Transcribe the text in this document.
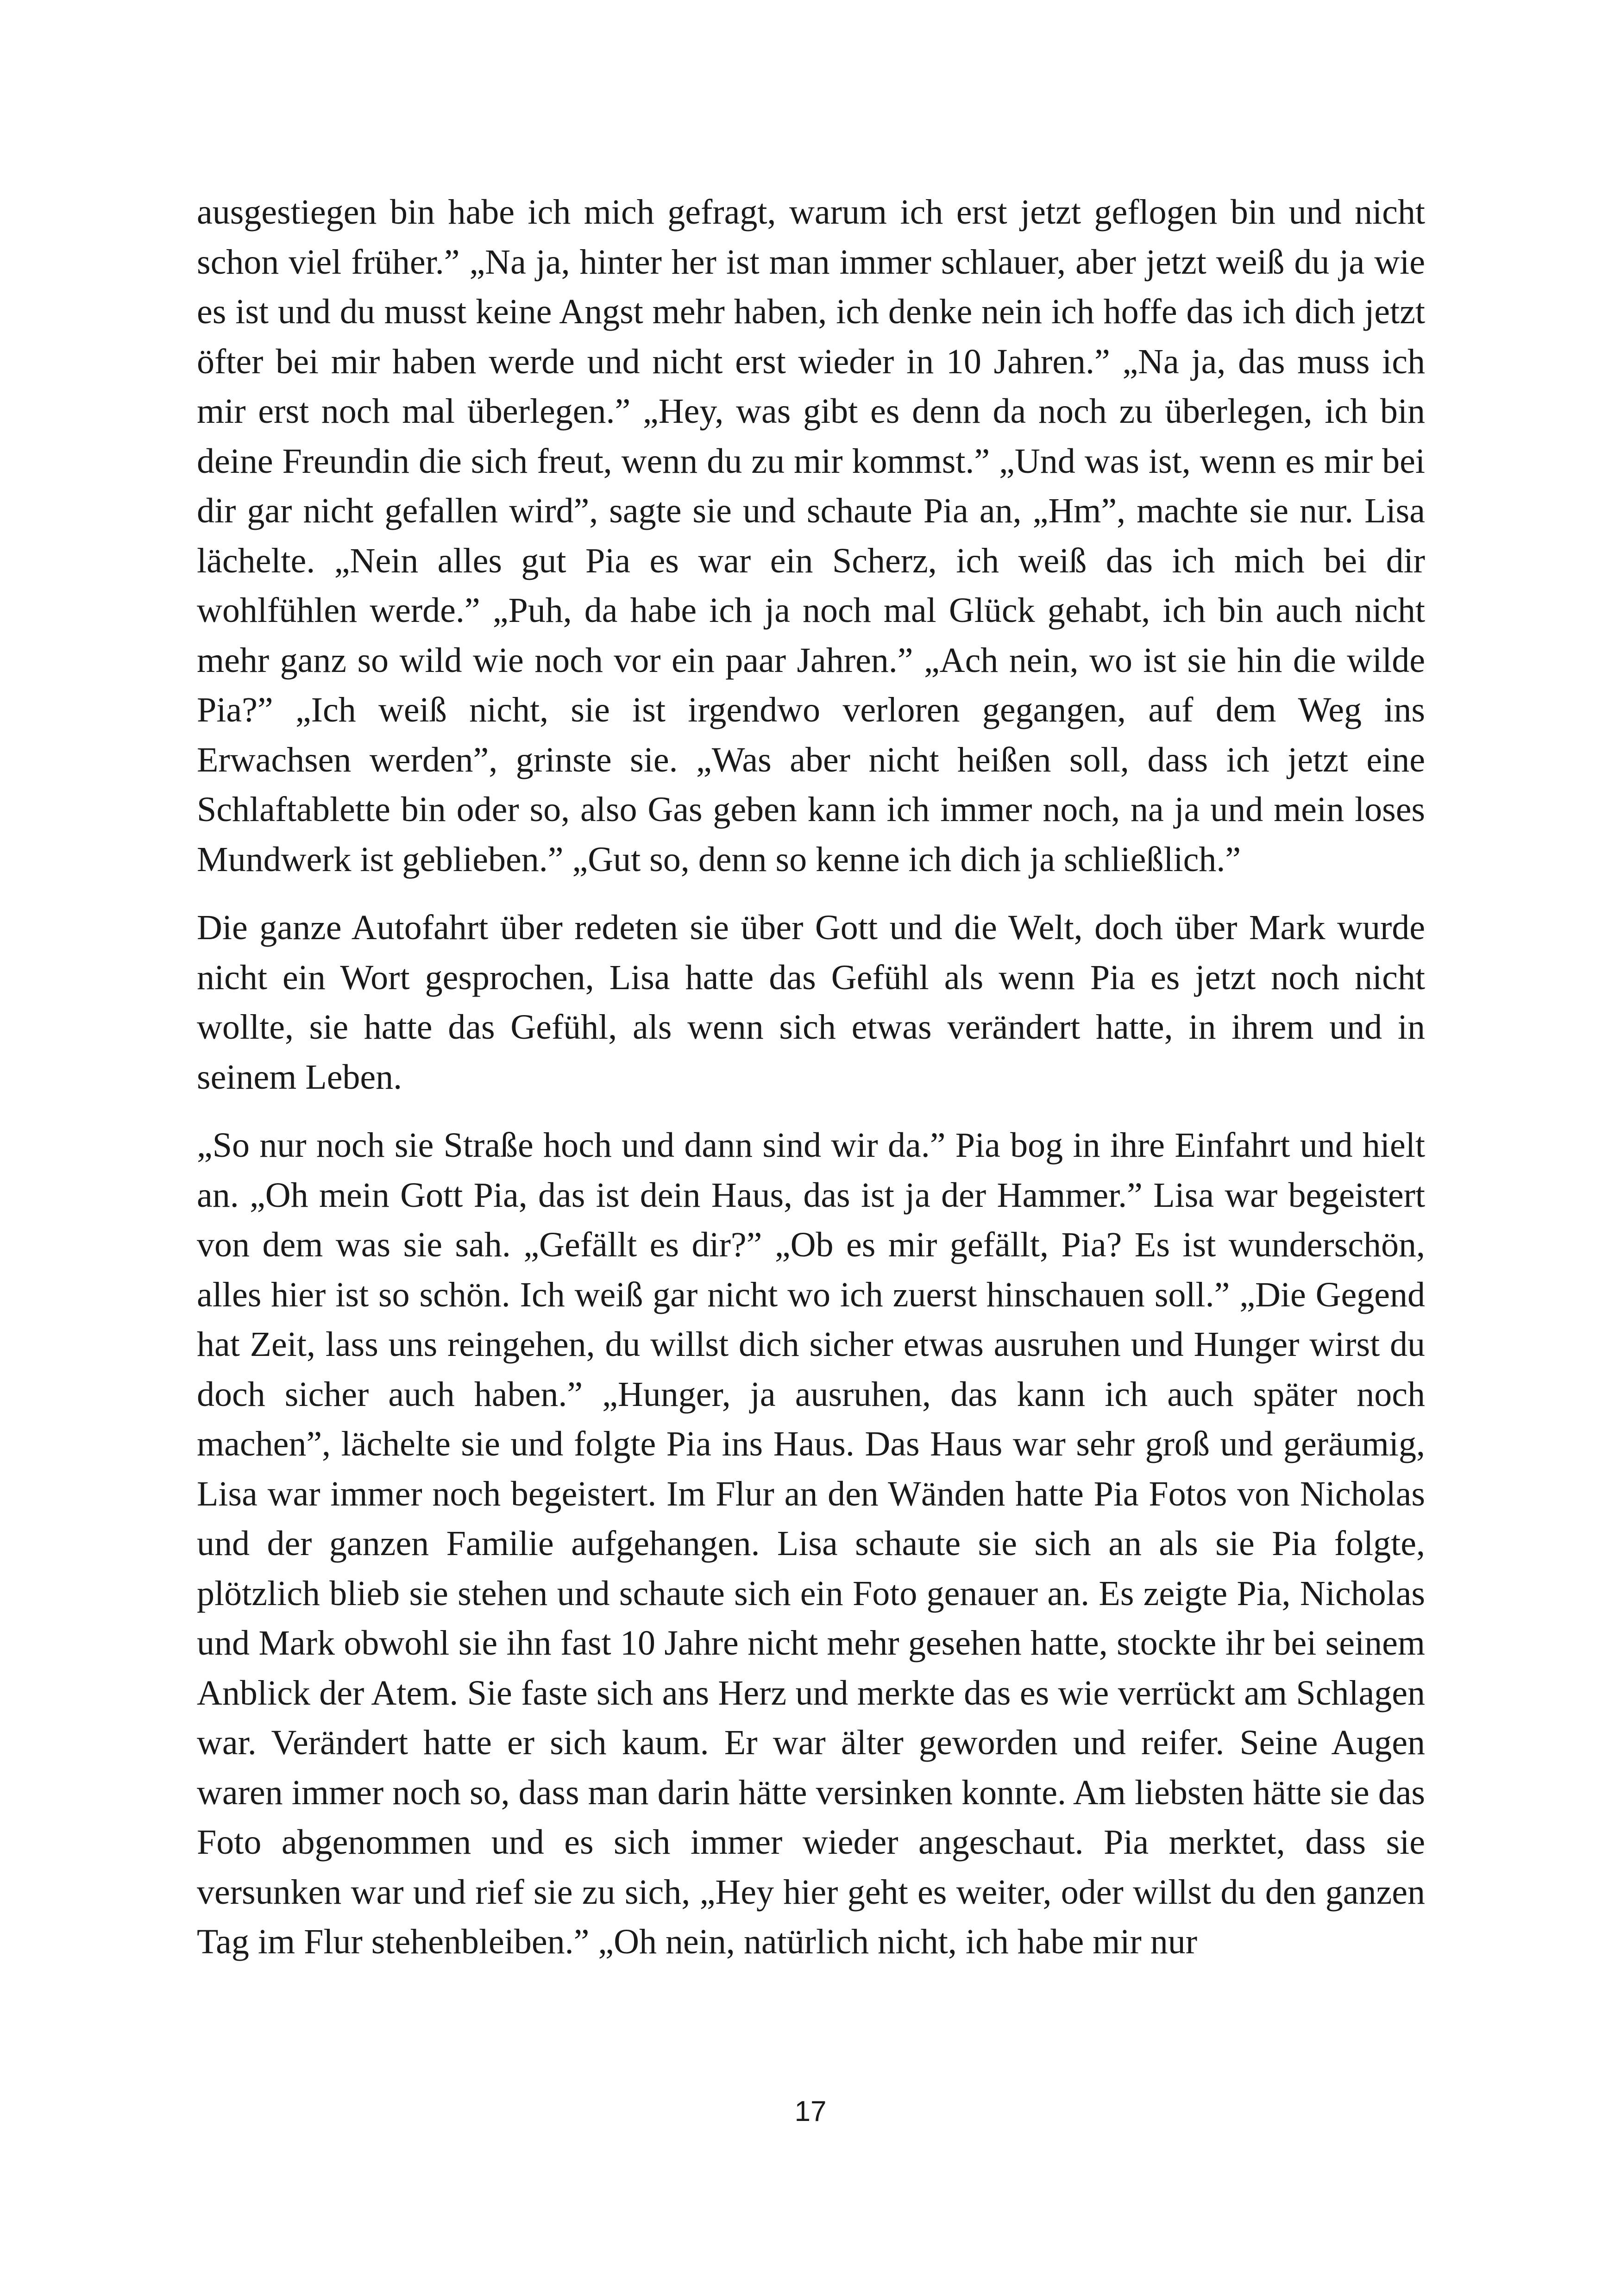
ausgestiegen bin habe ich mich gefragt, warum ich erst jetzt geflogen bin und nicht schon viel früher.” „Na ja, hinter her ist man immer schlauer, aber jetzt weiß du ja wie es ist und du musst keine Angst mehr haben, ich denke nein ich hoffe das ich dich jetzt öfter bei mir haben werde und nicht erst wieder in 10 Jahren.” „Na ja, das muss ich mir erst noch mal überlegen.” „Hey, was gibt es denn da noch zu überlegen, ich bin deine Freundin die sich freut, wenn du zu mir kommst.” „Und was ist, wenn es mir bei dir gar nicht gefallen wird”, sagte sie und schaute Pia an, „Hm”, machte sie nur. Lisa lächelte. „Nein alles gut Pia es war ein Scherz, ich weiß das ich mich bei dir wohlfühlen werde.” „Puh, da habe ich ja noch mal Glück gehabt, ich bin auch nicht mehr ganz so wild wie noch vor ein paar Jahren.” „Ach nein, wo ist sie hin die wilde Pia?” „Ich weiß nicht, sie ist irgendwo verloren gegangen, auf dem Weg ins Erwachsen werden”, grinste sie. „Was aber nicht heißen soll, dass ich jetzt eine Schlaftablette bin oder so, also Gas geben kann ich immer noch, na ja und mein loses Mundwerk ist geblieben.” „Gut so, denn so kenne ich dich ja schließlich.”

Die ganze Autofahrt über redeten sie über Gott und die Welt, doch über Mark wurde nicht ein Wort gesprochen, Lisa hatte das Gefühl als wenn Pia es jetzt noch nicht wollte, sie hatte das Gefühl, als wenn sich etwas verändert hatte, in ihrem und in seinem Leben.

„So nur noch sie Straße hoch und dann sind wir da.” Pia bog in ihre Einfahrt und hielt an. „Oh mein Gott Pia, das ist dein Haus, das ist ja der Hammer.” Lisa war begeistert von dem was sie sah. „Gefällt es dir?” „Ob es mir gefällt, Pia? Es ist wunderschön, alles hier ist so schön. Ich weiß gar nicht wo ich zuerst hinschauen soll.” „Die Gegend hat Zeit, lass uns reingehen, du willst dich sicher etwas ausruhen und Hunger wirst du doch sicher auch haben.” „Hunger, ja ausruhen, das kann ich auch später noch machen”, lächelte sie und folgte Pia ins Haus. Das Haus war sehr groß und geräumig, Lisa war immer noch begeistert. Im Flur an den Wänden hatte Pia Fotos von Nicholas und der ganzen Familie aufgehangen. Lisa schaute sie sich an als sie Pia folgte, plötzlich blieb sie stehen und schaute sich ein Foto genauer an. Es zeigte Pia, Nicholas und Mark obwohl sie ihn fast 10 Jahre nicht mehr gesehen hatte, stockte ihr bei seinem Anblick der Atem. Sie faste sich ans Herz und merkte das es wie verrückt am Schlagen war. Verändert hatte er sich kaum. Er war älter geworden und reifer. Seine Augen waren immer noch so, dass man darin hätte versinken konnte. Am liebsten hätte sie das Foto abgenommen und es sich immer wieder angeschaut. Pia merktet, dass sie versunken war und rief sie zu sich, „Hey hier geht es weiter, oder willst du den ganzen Tag im Flur stehenbleiben.” „Oh nein, natürlich nicht, ich habe mir nur

17
